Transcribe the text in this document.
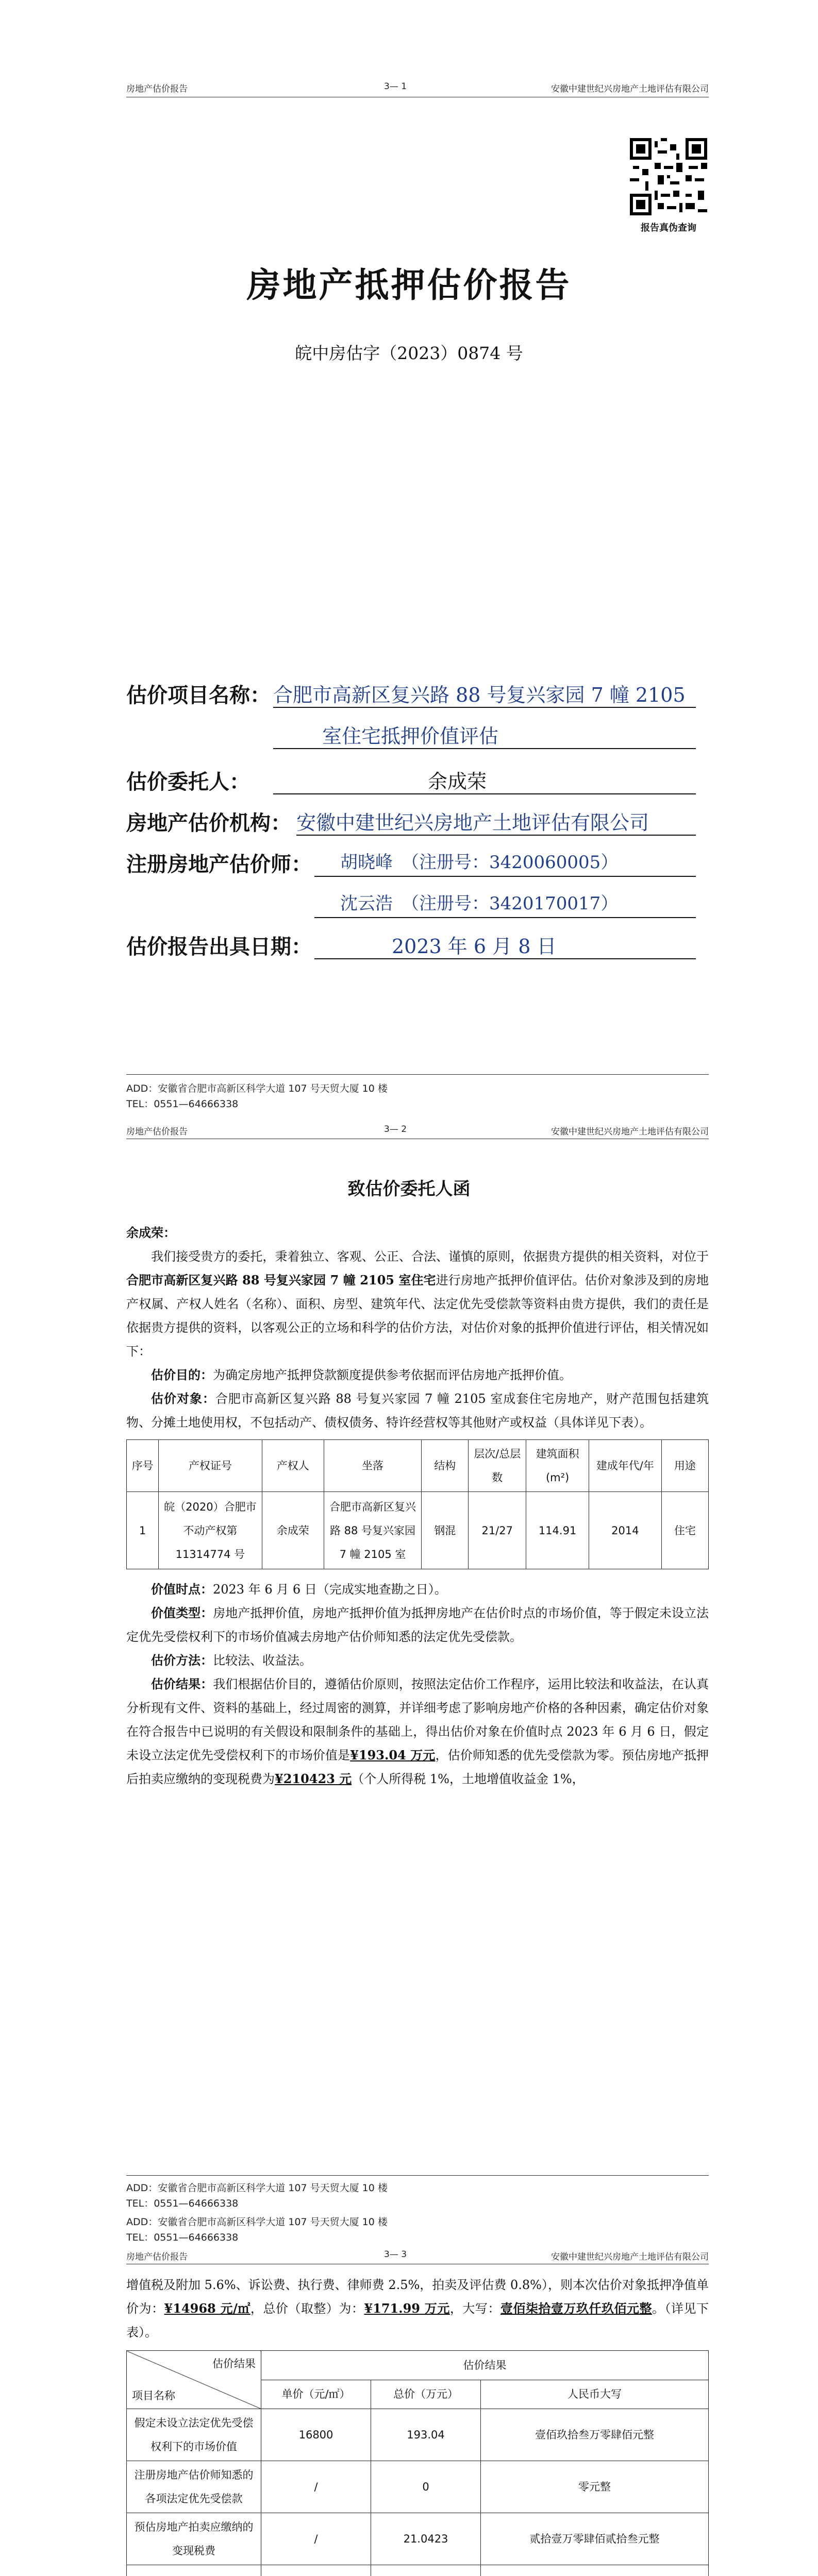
房地产估价报告	3— 1	安徽中建世纪兴房地产土地评估有限公司
报告真伪查询
房地产抵押估价报告
皖中房估字（2023）0874 号
估价项目名称： 合肥市高新区复兴路 88 号复兴家园 7 幢 2105
室住宅抵押价值评估
估价委托人：	余成荣
房地产估价机构： 安徽中建世纪兴房地产土地评估有限公司
注册房地产估价师： 胡晓峰　（注册号：3420060005）
沈云浩　（注册号：3420170017）
估价报告出具日期：	2023 年 6 月 8 日
ADD：安徽省合肥市高新区科学大道 107 号天贸大厦 10 楼
TEL：0551—64666338
房地产估价报告	3— 2	安徽中建世纪兴房地产土地评估有限公司
致估价委托人函
余成荣：

我们接受贵方的委托，秉着独立、客观、公正、合法、谨慎的原则，依据贵方提供的相关资料，对位于合肥市高新区复兴路 88 号复兴家园 7 幢 2105 室住宅进行房地产抵押价值评估。估价对象涉及到的房地产权属、产权人姓名（名称）、面积、房型、建筑年代、法定优先受偿款等资料由贵方提供，我们的责任是依据贵方提供的资料，以客观公正的立场和科学的估价方法，对估价对象的抵押价值进行评估，相关情况如下：

估价目的：为确定房地产抵押贷款额度提供参考依据而评估房地产抵押价值。

估价对象：合肥市高新区复兴路 88 号复兴家园 7 幢 2105 室成套住宅房地产，财产范围包括建筑物、分摊土地使用权，不包括动产、债权债务、特许经营权等其他财产或权益（具体详见下表）。

序号	产权证号	产权人	坐落	结构	层次/总层数	建筑面积(m²)	建成年代/年	用途
1	皖（2020）合肥市不动产权第 11314774 号	余成荣	合肥市高新区复兴路 88 号复兴家园 7 幢 2105 室	钢混	21/27	114.91	2014	住宅

价值时点：2023 年 6 月 6 日（完成实地查勘之日）。

价值类型：房地产抵押价值，房地产抵押价值为抵押房地产在估价时点的市场价值，等于假定未设立法定优先受偿权利下的市场价值减去房地产估价师知悉的法定优先受偿款。

估价方法：比较法、收益法。

估价结果：我们根据估价目的，遵循估价原则，按照法定估价工作程序，运用比较法和收益法，在认真分析现有文件、资料的基础上，经过周密的测算，并详细考虑了影响房地产价格的各种因素，确定估价对象在符合报告中已说明的有关假设和限制条件的基础上，得出估价对象在价值时点 2023 年 6 月 6 日，假定未设立法定优先受偿权利下的市场价值是¥193.04 万元，估价师知悉的优先受偿款为零。预估房地产抵押后拍卖应缴纳的变现税费为¥210423 元（个人所得税 1%，土地增值收益金 1%，

ADD：安徽省合肥市高新区科学大道 107 号天贸大厦 10 楼
TEL：0551—64666338
房地产估价报告	3— 3	安徽中建世纪兴房地产土地评估有限公司
ADD：安徽省合肥市高新区科学大道 107 号天贸大厦 10 楼
TEL：0551—64666338
增值税及附加 5.6%、诉讼费、执行费、律师费 2.5%，拍卖及评估费 0.8%），则本次估价对象抵押净值单价为：¥14968 元/㎡，总价（取整）为：¥171.99 万元，大写：壹佰柒拾壹万玖仟玖佰元整。（详见下表）。
估价结果
项目名称	估价结果		
	单价（元/㎡）	总价（万元）	人民币大写
假定未设立法定优先受偿权利下的市场价值	16800	193.04	壹佰玖拾叁万零肆佰元整
注册房地产估价师知悉的各项法定优先受偿款	/	0	零元整
预估房地产拍卖应缴纳的变现税费	/	21.0423	贰拾壹万零肆佰贰拾叁元整
